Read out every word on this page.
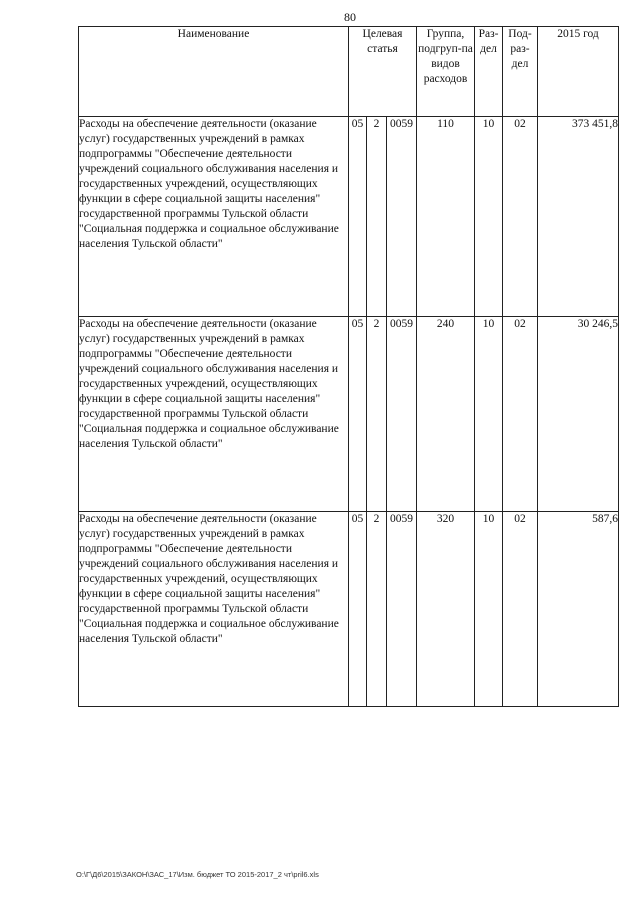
80
Наименование	Целевая статья			Группа, подгруп-па видов расходов	Раз-дел	Под-раз-дел	2015 год
Расходы на обеспечение деятельности (оказание услуг) государственных учреждений в рамках подпрограммы "Обеспечение деятельности учреждений социального обслуживания населения и государственных учреждений, осуществляющих функции в сфере социальной защиты населения" государственной программы Тульской области "Социальная поддержка и социальное обслуживание населения Тульской области"	05	2	0059	110	10	02	373 451,8
Расходы на обеспечение деятельности (оказание услуг) государственных учреждений в рамках подпрограммы "Обеспечение деятельности учреждений социального обслуживания населения и государственных учреждений, осуществляющих функции в сфере социальной защиты населения" государственной программы Тульской области "Социальная поддержка и социальное обслуживание населения Тульской области"	05	2	0059	240	10	02	30 246,5
Расходы на обеспечение деятельности (оказание услуг) государственных учреждений в рамках подпрограммы "Обеспечение деятельности учреждений социального обслуживания населения и государственных учреждений, осуществляющих функции в сфере социальной защиты населения" государственной программы Тульской области "Социальная поддержка и социальное обслуживание населения Тульской области"	05	2	0059	320	10	02	587,6
O:\Г\Д6\2015\ЗАКОН\ЗАС_17\Изм. бюджет ТО 2015-2017_2 чт\pril6.xls
